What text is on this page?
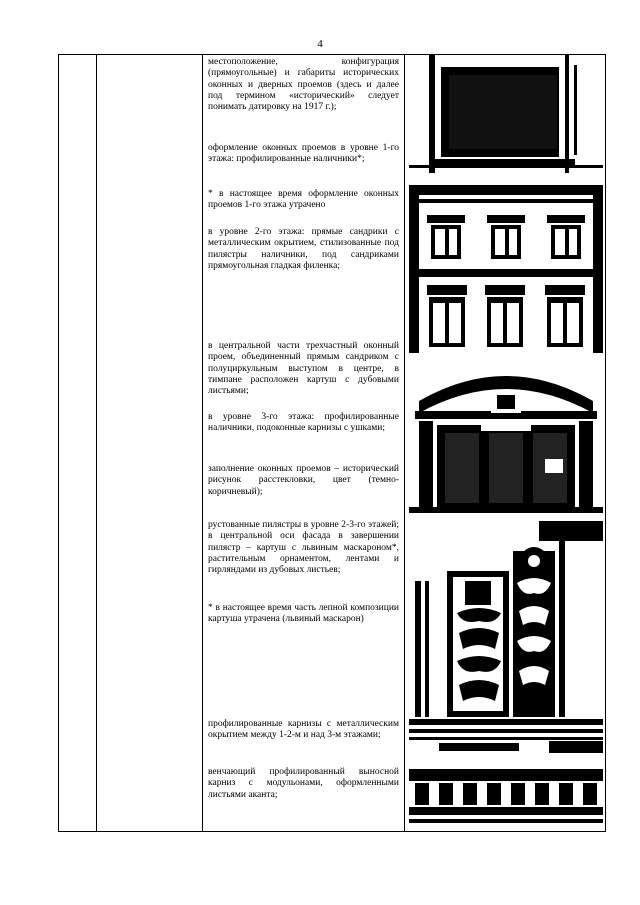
4
местоположение, конфигурация (прямоугольные) и габариты исторических оконных и дверных проемов (здесь и далее под термином «исторический» следует понимать датировку на 1917 г.);
оформление оконных проемов в уровне 1-го этажа: профилированные наличники*;
* в настоящее время оформление оконных проемов 1-го этажа утрачено
в уровне 2-го этажа: прямые сандрики с металлическим окрытием, стилизованные под пилястры наличники, под сандриками прямоугольная гладкая филенка;
в центральной части трехчастный оконный проем, объединенный прямым сандриком с полуциркульным выступом в центре, в тимпане расположен картуш с дубовыми листьями;
в уровне 3-го этажа: профилированные наличники, подоконные карнизы с ушками;
заполнение оконных проемов – исторический рисунок расстекловки, цвет (темно-коричневый);
рустованные пилястры в уровне 2-3-го этажей; в центральной оси фасада в завершении пилястр – картуш с львиным маскароном*, растительным орнаментом, лентами и гирляндами из дубовых листьев;
* в настоящее время часть лепной композиции картуша утрачена (львиный маскарон)
профилированные карнизы с металлическим окрытием между 1-2-м и над 3-м этажами;
венчающий профилированный выносной карниз с модульонами, оформленными листьями аканта;
